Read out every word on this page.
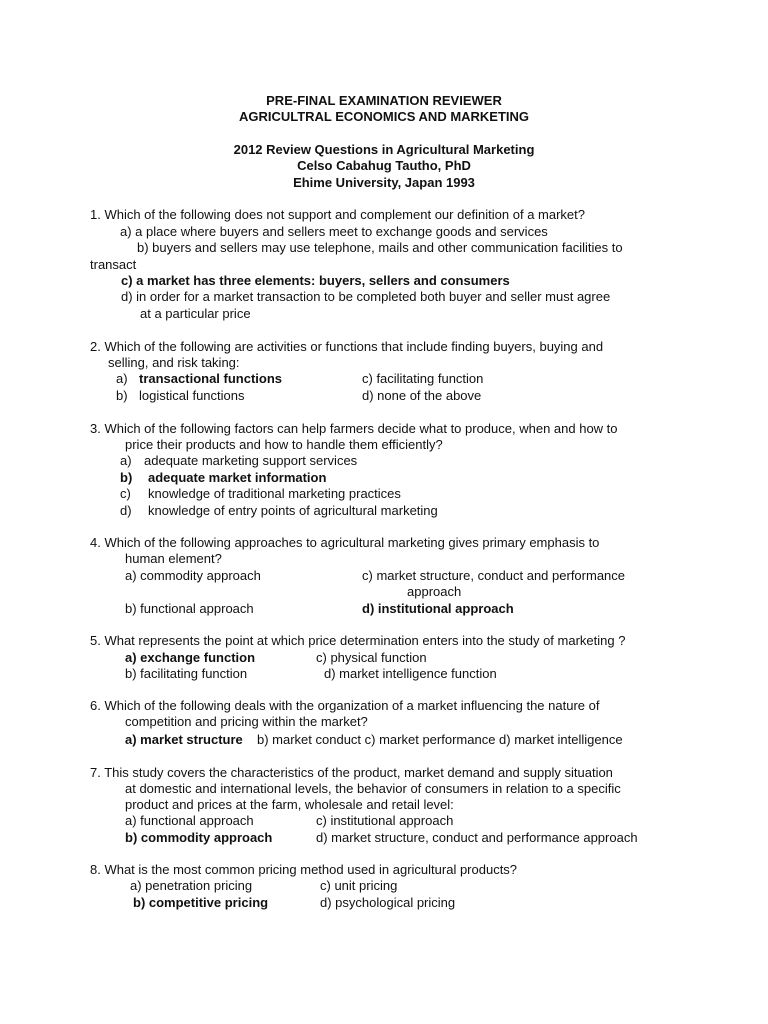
PRE-FINAL EXAMINATION REVIEWER
AGRICULTRAL ECONOMICS AND MARKETING
2012 Review Questions in Agricultural Marketing
Celso Cabahug Tautho, PhD
Ehime University, Japan 1993
1. Which of the following does not support and complement our definition of a market?
a) a place where buyers and sellers meet to exchange goods and services
b) buyers and sellers may use telephone, mails and other communication facilities to
transact
c) a market has three elements: buyers, sellers and consumers
d) in order for a market transaction to be completed both buyer and seller must agree
at a particular price
2. Which of the following are activities or functions that include finding buyers, buying and
selling, and risk taking:
a) transactional functions	c) facilitating function
b) logistical functions	d) none of the above
3. Which of the following factors can help farmers decide what to produce, when and how to
price their products and how to handle them efficiently?
a) adequate marketing support services
b) adequate market information
c) knowledge of traditional marketing practices
d) knowledge of entry points of agricultural marketing
4. Which of the following approaches to agricultural marketing gives primary emphasis to
human element?
a) commodity approach	c) market structure, conduct and performance
approach
b) functional approach	d) institutional approach
5. What represents the point at which price determination enters into the study of marketing ?
a) exchange function	c) physical function
b) facilitating function	d) market intelligence function
6. Which of the following deals with the organization of a market influencing the nature of
competition and pricing within the market?
a) market structure b) market conduct c) market performance d) market intelligence
7. This study covers the characteristics of the product, market demand and supply situation
at domestic and international levels, the behavior of consumers in relation to a specific
product and prices at the farm, wholesale and retail level:
a) functional approach	c) institutional approach
b) commodity approach	d) market structure, conduct and performance approach
8. What is the most common pricing method used in agricultural products?
a) penetration pricing	c) unit pricing
b) competitive pricing	d) psychological pricing
